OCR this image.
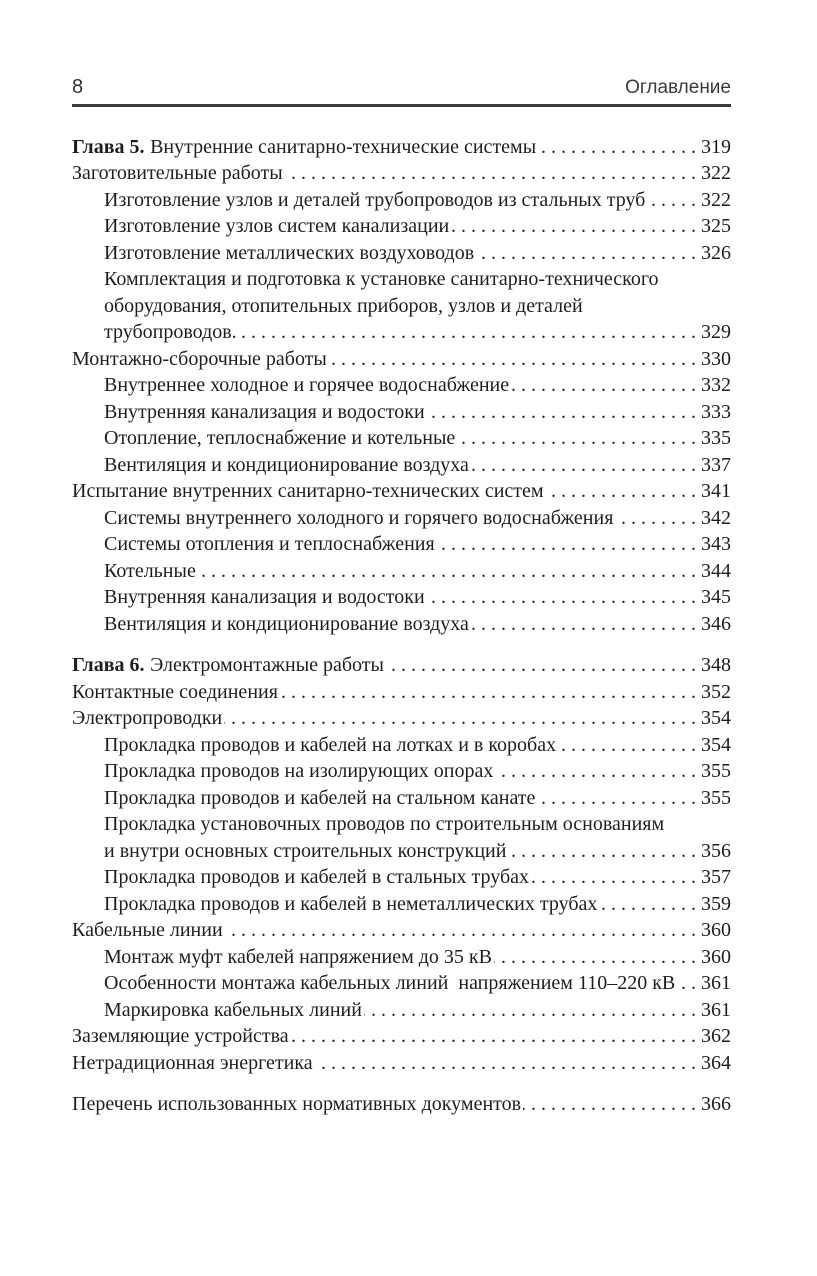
8	Оглавление
Глава 5. Внутренние санитарно-технические системы . . .	319
Заготовительные работы . . .	322
Изготовление узлов и деталей трубопроводов из стальных труб . . .	322
Изготовление узлов систем канализации . . .	325
Изготовление металлических воздуховодов . . .	326
Комплектация и подготовка к установке санитарно-технического
оборудования, отопительных приборов, узлов и деталей
трубопроводов. . . .	329
Монтажно-сборочные работы . . .	330
Внутреннее холодное и горячее водоснабжение . . .	332
Внутренняя канализация и водостоки . . .	333
Отопление, теплоснабжение и котельные . . .	335
Вентиляция и кондиционирование воздуха . . .	337
Испытание внутренних санитарно-технических систем . . .	341
Системы внутреннего холодного и горячего водоснабжения . . .	342
Системы отопления и теплоснабжения . . .	343
Котельные . . .	344
Внутренняя канализация и водостоки . . .	345
Вентиляция и кондиционирование воздуха . . .	346
Глава 6. Электромонтажные работы . . .	348
Контактные соединения . . .	352
Электропроводки . . .	354
Прокладка проводов и кабелей на лотках и в коробах . . .	354
Прокладка проводов на изолирующих опорах . . .	355
Прокладка проводов и кабелей на стальном канате . . .	355
Прокладка установочных проводов по строительным основаниям
и внутри основных строительных конструкций . . .	356
Прокладка проводов и кабелей в стальных трубах . . .	357
Прокладка проводов и кабелей в неметаллических трубах . . .	359
Кабельные линии . . .	360
Монтаж муфт кабелей напряжением до 35 кВ . . .	360
Особенности монтажа кабельных линий  напряжением 110–220 кВ . . . 361
Маркировка кабельных линий . . .	361
Заземляющие устройства . . .	362
Нетрадиционная энергетика . . .	364
Перечень использованных нормативных документов . . .	366
